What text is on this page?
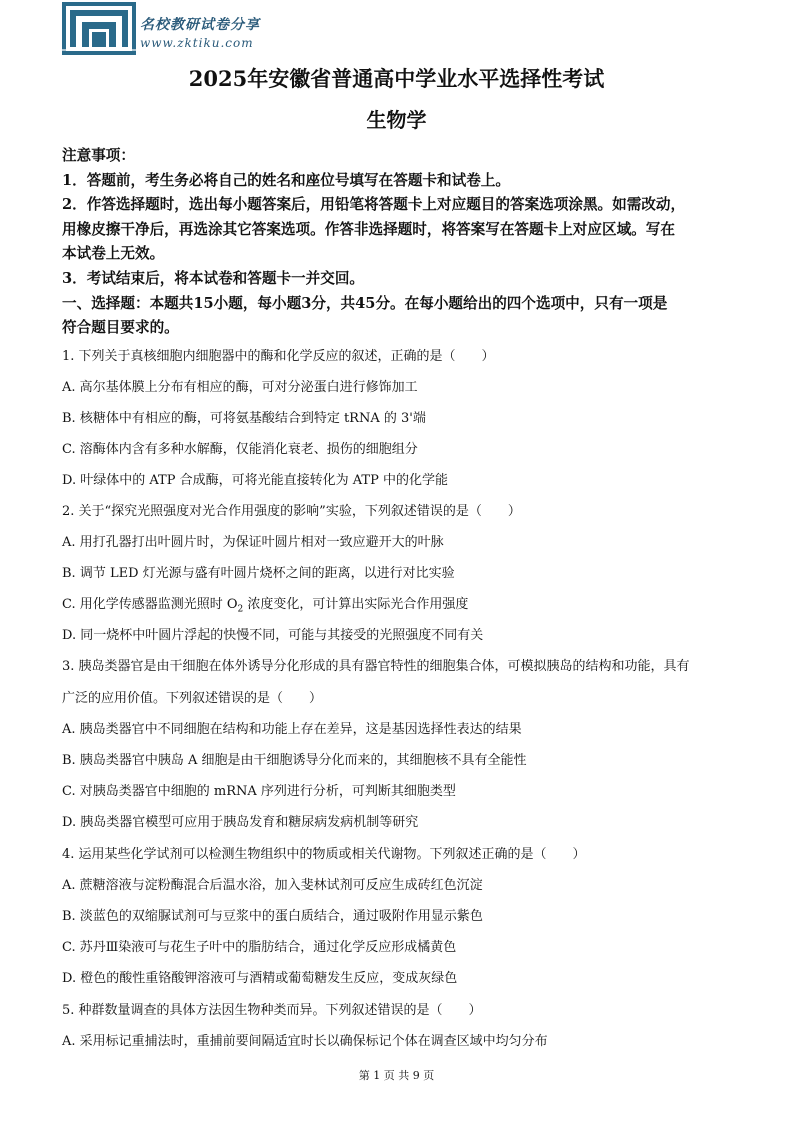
名校教研试卷分享
www.zktiku.com
2025年安徽省普通高中学业水平选择性考试
生物学
注意事项：
1．答题前，考生务必将自己的姓名和座位号填写在答题卡和试卷上。
2．作答选择题时，选出每小题答案后，用铅笔将答题卡上对应题目的答案选项涂黑。如需改动，
用橡皮擦干净后，再选涂其它答案选项。作答非选择题时，将答案写在答题卡上对应区域。写在
本试卷上无效。
3．考试结束后，将本试卷和答题卡一并交回。
一、选择题：本题共15小题，每小题3分，共45分。在每小题给出的四个选项中，只有一项是
符合题目要求的。
1. 下列关于真核细胞内细胞器中的酶和化学反应的叙述，正确的是（　　）
A. 高尔基体膜上分布有相应的酶，可对分泌蛋白进行修饰加工
B. 核糖体中有相应的酶，可将氨基酸结合到特定 tRNA 的 3'端
C. 溶酶体内含有多种水解酶，仅能消化衰老、损伤的细胞组分
D. 叶绿体中的 ATP 合成酶，可将光能直接转化为 ATP 中的化学能
2. 关于“探究光照强度对光合作用强度的影响”实验，下列叙述错误的是（　　）
A. 用打孔器打出叶圆片时，为保证叶圆片相对一致应避开大的叶脉
B. 调节 LED 灯光源与盛有叶圆片烧杯之间的距离，以进行对比实验
C. 用化学传感器监测光照时 $O_2$ 浓度变化，可计算出实际光合作用强度
D. 同一烧杯中叶圆片浮起的快慢不同，可能与其接受的光照强度不同有关
3. 胰岛类器官是由干细胞在体外诱导分化形成的具有器官特性的细胞集合体，可模拟胰岛的结构和功能，具有
广泛的应用价值。下列叙述错误的是（　　）
A. 胰岛类器官中不同细胞在结构和功能上存在差异，这是基因选择性表达的结果
B. 胰岛类器官中胰岛 A 细胞是由干细胞诱导分化而来的，其细胞核不具有全能性
C. 对胰岛类器官中细胞的 mRNA 序列进行分析，可判断其细胞类型
D. 胰岛类器官模型可应用于胰岛发育和糖尿病发病机制等研究
4. 运用某些化学试剂可以检测生物组织中的物质或相关代谢物。下列叙述正确的是（　　）
A. 蔗糖溶液与淀粉酶混合后温水浴，加入斐林试剂可反应生成砖红色沉淀
B. 淡蓝色的双缩脲试剂可与豆浆中的蛋白质结合，通过吸附作用显示紫色
C. 苏丹Ⅲ染液可与花生子叶中的脂肪结合，通过化学反应形成橘黄色
D. 橙色的酸性重铬酸钾溶液可与酒精或葡萄糖发生反应，变成灰绿色
5. 种群数量调查的具体方法因生物种类而异。下列叙述错误的是（　　）
A. 采用标记重捕法时，重捕前要间隔适宜时长以确保标记个体在调查区域中均匀分布
第 1 页 共 9 页
